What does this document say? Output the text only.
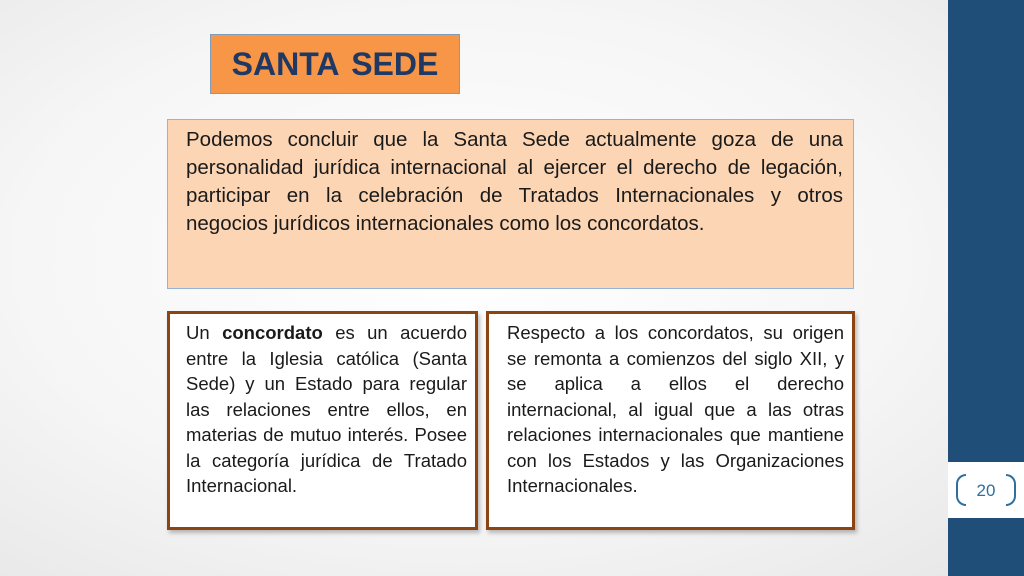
SANTA SEDE

Podemos concluir que la Santa Sede actualmente goza de una personalidad jurídica internacional al ejercer el derecho de legación, participar en la celebración de Tratados Internacionales y otros negocios jurídicos internacionales como los concordatos.

Un concordato es un acuerdo entre la Iglesia católica (Santa Sede) y un Estado para regular las relaciones entre ellos, en materias de mutuo interés. Posee la categoría jurídica de Tratado Internacional.

Respecto a los concordatos, su origen se remonta a comienzos del siglo XII, y se aplica a ellos el derecho internacional, al igual que a las otras relaciones internacionales que mantiene con los Estados y las Organizaciones Internacionales.	20
